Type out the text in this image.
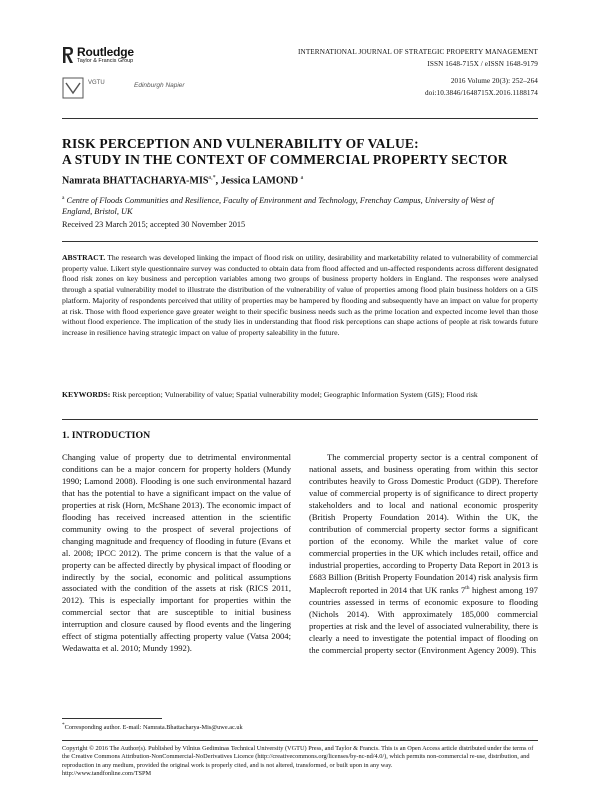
Routledge
Taylor & Francis Group
VGTU	Edinburgh Napier
INTERNATIONAL JOURNAL OF STRATEGIC PROPERTY MANAGEMENT
ISSN 1648-715X / eISSN 1648-9179
2016 Volume 20(3): 252–264
doi:10.3846/1648715X.2016.1188174
RISK PERCEPTION AND VULNERABILITY OF VALUE:
A STUDY IN THE CONTEXT OF COMMERCIAL PROPERTY SECTOR
Namrata BHATTACHARYA-$MIS^{a,*}$, Jessica LAMOND $^a$
$^a$ Centre of Floods Communities and Resilience, Faculty of Environment and Technology, Frenchay Campus, University of West of England, Bristol, UK
Received 23 March 2015; accepted 30 November 2015
ABSTRACT. The research was developed linking the impact of flood risk on utility, desirability and marketability related to vulnerability of commercial property value. Likert style questionnaire survey was conducted to obtain data from flood affected and un-affected respondents across different designated flood risk zones on key business and perception variables among two groups of business property holders in England. The responses were analysed through a spatial vulnerability model to illustrate the distribution of the vulnerability of value of properties among flood plain business holders on a GIS platform. Majority of respondents perceived that utility of properties may be hampered by flooding and subsequently have an impact on value for property at risk. Those with flood experience gave greater weight to their specific business needs such as the prime location and expected income level than those without flood experience. The implication of the study lies in understanding that flood risk perceptions can shape actions of people at risk towards future increase in resilience having strategic impact on value of property saleability in the future.
KEYWORDS: Risk perception; Vulnerability of value; Spatial vulnerability model; Geographic Information System (GIS); Flood risk
1. INTRODUCTION

Changing value of property due to detrimental environmental conditions can be a major concern for property holders (Mundy 1990; Lamond 2008). Flooding is one such environmental hazard that has the potential to have a significant impact on the value of properties at risk (Horn, McShane 2013). The economic impact of flooding has received increased attention in the scientific community owing to the prospect of several projections of changing magnitude and frequency of flooding in future (Evans et al. 2008; IPCC 2012). The prime concern is that the value of a property can be affected directly by physical impact of flooding or indirectly by the social, economic and political assumptions associated with the condition of the assets at risk (RICS 2011, 2012). This is especially important for properties within the commercial sector that are susceptible to initial business interruption and closure caused by flood events and the lingering effect of stigma potentially affecting property value (Vatsa 2004; Wedawatta et al. 2010; Mundy 1992).

The commercial property sector is a central component of national assets, and business operating from within this sector contributes heavily to Gross Domestic Product (GDP). Therefore value of commercial property is of significance to direct property stakeholders and to local and national economic prosperity (British Property Foundation 2014). Within the UK, the contribution of commercial property sector forms a significant portion of the economy. While the market value of core commercial properties in the UK which includes retail, office and industrial properties, according to Property Data Report in 2013 is £683 Billion (British Property Foundation 2014) risk analysis firm Maplecroft reported in 2014 that UK ranks 7th highest among 197 countries assessed in terms of economic exposure to flooding (Nichols 2014). With approximately 185,000 commercial properties at risk and the level of associated vulnerability, there is clearly a need to investigate the potential impact of flooding on the commercial property sector (Environment Agency 2009). This

*Corresponding author. E-mail: Namrata.Bhattacharya-Mis@uwe.ac.uk
Copyright © 2016 The Author(s). Published by Vilnius Gediminas Technical University (VGTU) Press, and Taylor & Francis. This is an Open Access article distributed under the terms of the Creative Commons Attribution-NonCommercial-NoDerivatives Licence (http://creativecommons.org/licenses/by-nc-nd/4.0/), which permits non-commercial re-use, distribution, and reproduction in any medium, provided the original work is properly cited, and is not altered, transformed, or built upon in any way.
http://www.tandfonline.com/TSPM
